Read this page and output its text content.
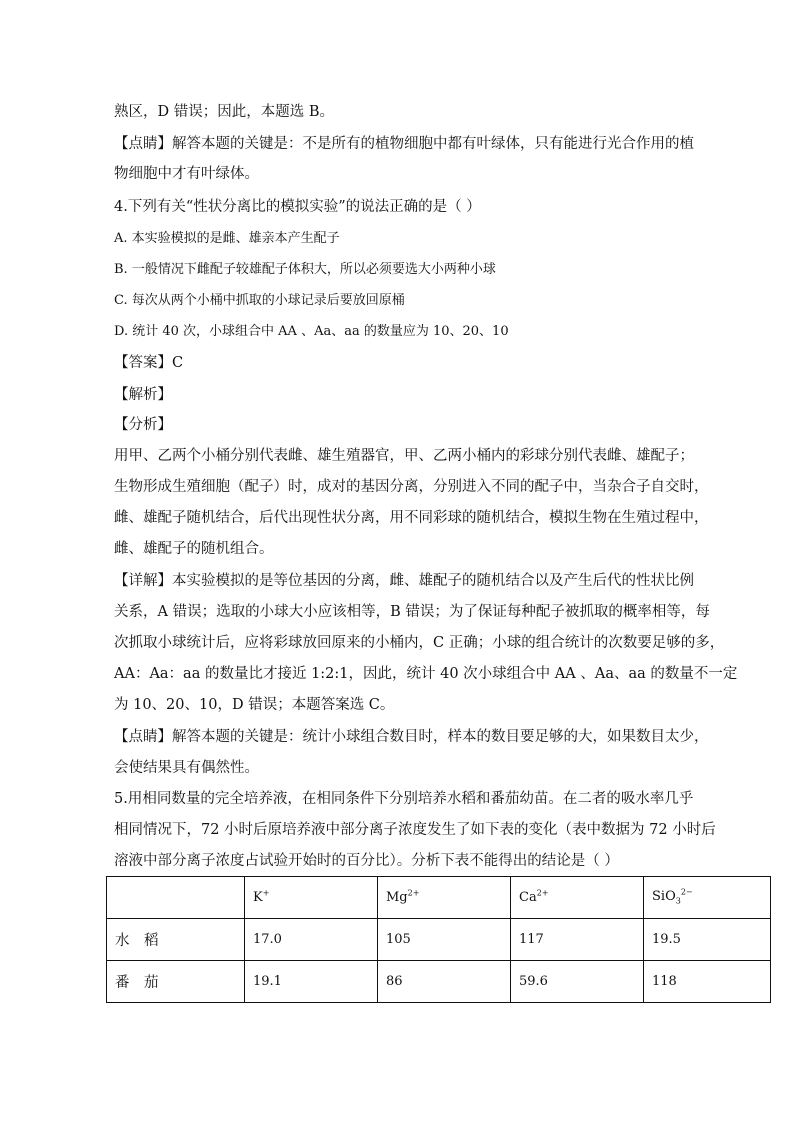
熟区，D 错误；因此，本题选 B。
【点睛】解答本题的关键是：不是所有的植物细胞中都有叶绿体，只有能进行光合作用的植
物细胞中才有叶绿体。
4.下列有关“性状分离比的模拟实验”的说法正确的是（ ）
A. 本实验模拟的是雌、雄亲本产生配子
B. 一般情况下雌配子较雄配子体积大，所以必须要选大小两种小球
C. 每次从两个小桶中抓取的小球记录后要放回原桶
D. 统计 40 次，小球组合中 AA 、Aa、aa 的数量应为 10、20、10
【答案】C
【解析】
【分析】
用甲、乙两个小桶分别代表雌、雄生殖器官，甲、乙两小桶内的彩球分别代表雌、雄配子；
生物形成生殖细胞（配子）时，成对的基因分离，分别进入不同的配子中，当杂合子自交时，
雌、雄配子随机结合，后代出现性状分离，用不同彩球的随机结合，模拟生物在生殖过程中，
雌、雄配子的随机组合。
【详解】本实验模拟的是等位基因的分离，雌、雄配子的随机结合以及产生后代的性状比例
关系，A 错误；选取的小球大小应该相等，B 错误；为了保证每种配子被抓取的概率相等，每
次抓取小球统计后，应将彩球放回原来的小桶内，C 正确；小球的组合统计的次数要足够的多，
AA：Aa：aa 的数量比才接近 1:2:1，因此，统计 40 次小球组合中 AA 、Aa、aa 的数量不一定
为 10、20、10，D 错误；本题答案选 C。
【点睛】解答本题的关键是：统计小球组合数目时，样本的数目要足够的大，如果数目太少，
会使结果具有偶然性。
5.用相同数量的完全培养液，在相同条件下分别培养水稻和番茄幼苗。在二者的吸水率几乎
相同情况下，72 小时后原培养液中部分离子浓度发生了如下表的变化（表中数据为 72 小时后
溶液中部分离子浓度占试验开始时的百分比）。分析下表不能得出的结论是（ ）
	K+	$Mg^{2+}$	$Ca^{2+}$	SiO$_3^{2-}$
水　稻	17.0	105	117	19.5
番　茄	19.1	86	59.6	118
